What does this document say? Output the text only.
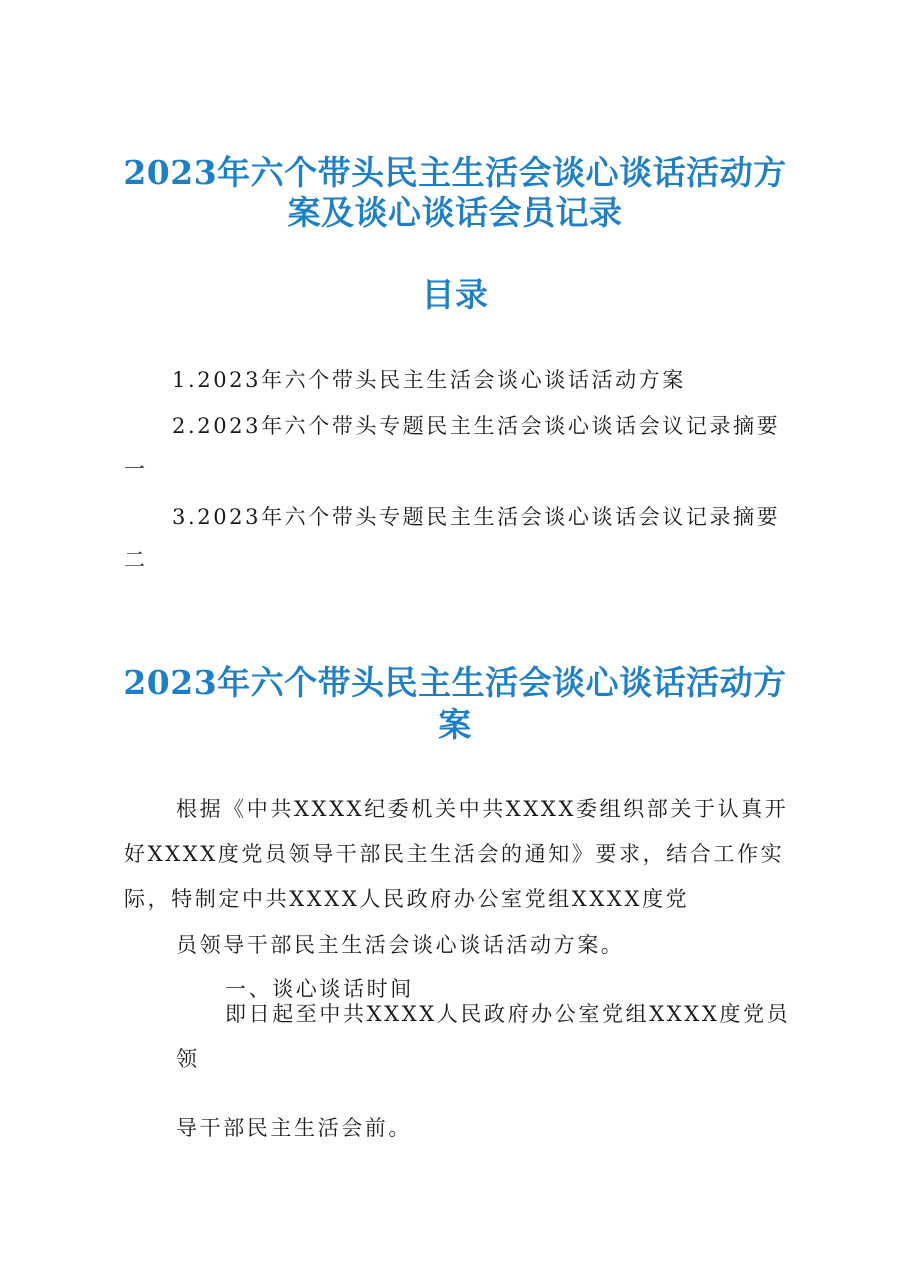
2023年六个带头民主生活会谈心谈话活动方
案及谈心谈话会员记录
目录

1.2023年六个带头民主生活会谈心谈话活动方案

2.2023年六个带头专题民主生活会谈心谈话会议记录摘要

一

3.2023年六个带头专题民主生活会谈心谈话会议记录摘要

二

2023年六个带头民主生活会谈心谈话活动方
案

根据《中共XXXX纪委机关中共XXXX委组织部关于认真开

好XXXX度党员领导干部民主生活会的通知》要求，结合工作实

际，特制定中共XXXX人民政府办公室党组XXXX度党

员领导干部民主生活会谈心谈话活动方案。

一、谈心谈话时间

即日起至中共XXXX人民政府办公室党组XXXX度党员

领

导干部民主生活会前。
